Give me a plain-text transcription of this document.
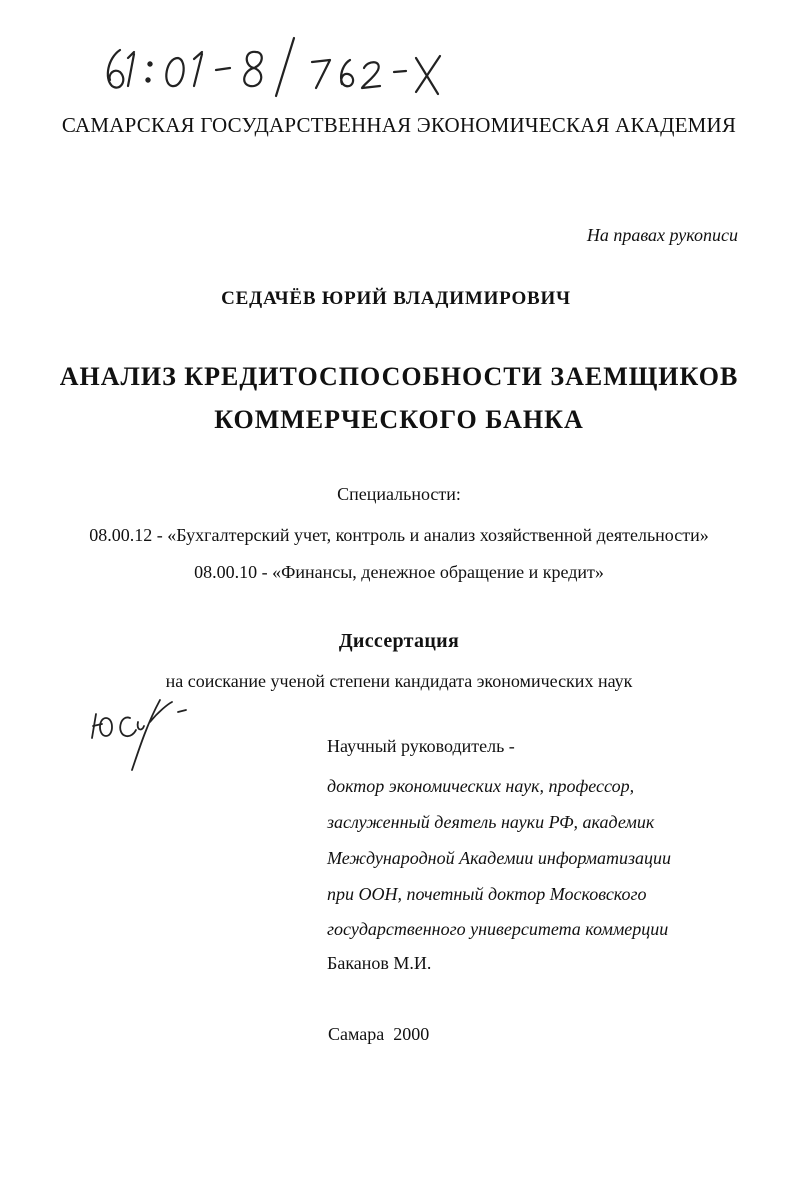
САМАРСКАЯ ГОСУДАРСТВЕННАЯ ЭКОНОМИЧЕСКАЯ АКАДЕМИЯ
На правах рукописи
СЕДАЧЁВ ЮРИЙ ВЛАДИМИРОВИЧ
АНАЛИЗ КРЕДИТОСПОСОБНОСТИ ЗАЕМЩИКОВ
КОММЕРЧЕСКОГО БАНКА
Специальности:
08.00.12 - «Бухгалтерский учет, контроль и анализ хозяйственной деятельности»
08.00.10 - «Финансы, денежное обращение и кредит»
Диссертация
на соискание ученой степени кандидата экономических наук
Научный руководитель -
доктор экономических наук, профессор,
заслуженный деятель науки РФ, академик
Международной Академии информатизации
при ООН, почетный доктор Московского
государственного университета коммерции
Баканов М.И.
Самара  2000
